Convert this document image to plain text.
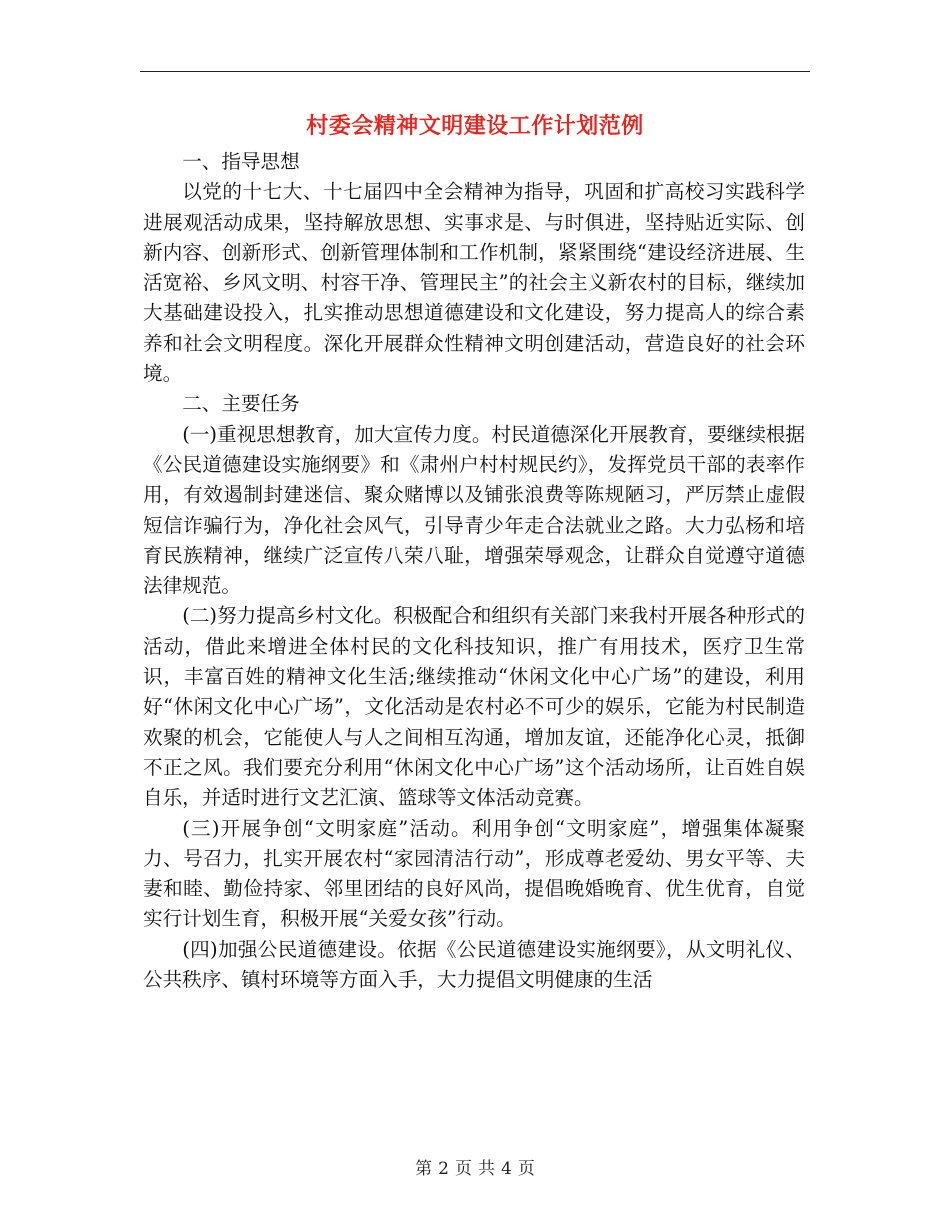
村委会精神文明建设工作计划范例

一、指导思想

以党的十七大、十七届四中全会精神为指导，巩固和扩高校习实践科学进展观活动成果，坚持解放思想、实事求是、与时俱进，坚持贴近实际、创新内容、创新形式、创新管理体制和工作机制，紧紧围绕“建设经济进展、生活宽裕、乡风文明、村容干净、管理民主”的社会主义新农村的目标，继续加大基础建设投入，扎实推动思想道德建设和文化建设，努力提高人的综合素养和社会文明程度。深化开展群众性精神文明创建活动，营造良好的社会环境。

二、主要任务

(一)重视思想教育，加大宣传力度。村民道德深化开展教育，要继续根据《公民道德建设实施纲要》和《肃州户村村规民约》，发挥党员干部的表率作用，有效遏制封建迷信、聚众赌博以及铺张浪费等陈规陋习，严厉禁止虚假短信诈骗行为，净化社会风气，引导青少年走合法就业之路。大力弘杨和培育民族精神，继续广泛宣传八荣八耻，增强荣辱观念，让群众自觉遵守道德法律规范。

(二)努力提高乡村文化。积极配合和组织有关部门来我村开展各种形式的活动，借此来增进全体村民的文化科技知识，推广有用技术，医疗卫生常识，丰富百姓的精神文化生活;继续推动“休闲文化中心广场”的建设，利用好“休闲文化中心广场”，文化活动是农村必不可少的娱乐，它能为村民制造欢聚的机会，它能使人与人之间相互沟通，增加友谊，还能净化心灵，抵御不正之风。我们要充分利用“休闲文化中心广场”这个活动场所，让百姓自娱自乐，并适时进行文艺汇演、篮球等文体活动竞赛。

(三)开展争创“文明家庭”活动。利用争创“文明家庭”，增强集体凝聚力、号召力，扎实开展农村“家园清洁行动”，形成尊老爱幼、男女平等、夫妻和睦、勤俭持家、邻里团结的良好风尚，提倡晚婚晚育、优生优育，自觉实行计划生育，积极开展“关爱女孩”行动。

(四)加强公民道德建设。依据《公民道德建设实施纲要》，从文明礼仪、公共秩序、镇村环境等方面入手，大力提倡文明健康的生活

第 2 页 共 4 页
